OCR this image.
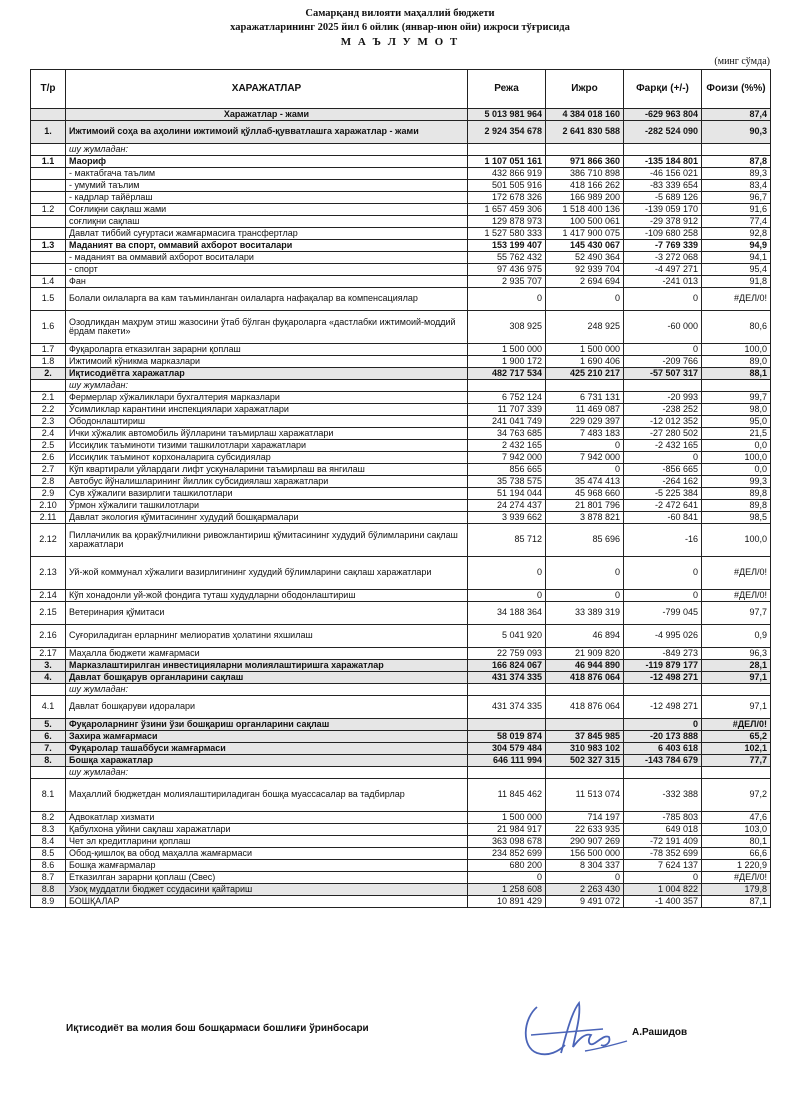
Самарқанд вилояти маҳаллий бюджети
харажатларининг 2025 йил 6 ойлик (январ-июн ойи) ижроси тўғрисида
М А Ъ Л У М О Т
(минг сўмда)
Т/р	ХАРАЖАТЛАР	Режа	Ижро	Фарқи (+/-)	Фоизи (%%)
	Харажатлар - жами	5 013 981 964	4 384 018 160	-629 963 804	87,4
1.	Ижтимоий соҳа ва аҳолини ижтимоий қўллаб-қувватлашга харажатлар - жами	2 924 354 678	2 641 830 588	-282 524 090	90,3
	шу жумладан:				
1.1	Маориф	1 107 051 161	971 866 360	-135 184 801	87,8
	- мактабгача таълим	432 866 919	386 710 898	-46 156 021	89,3
	- умумий таълим	501 505 916	418 166 262	-83 339 654	83,4
	- кадрлар тайёрлаш	172 678 326	166 989 200	-5 689 126	96,7
1.2	Соғлиқни сақлаш жами	1 657 459 306	1 518 400 136	-139 059 170	91,6
	соғлиқни сақлаш	129 878 973	100 500 061	-29 378 912	77,4
	Давлат тиббий суғуртаси жамғармасига трансфертлар	1 527 580 333	1 417 900 075	-109 680 258	92,8
1.3	Маданият ва спорт, оммавий ахборот воситалари	153 199 407	145 430 067	-7 769 339	94,9
	- маданият ва оммавий ахборот воситалари	55 762 432	52 490 364	-3 272 068	94,1
	- спорт	97 436 975	92 939 704	-4 497 271	95,4
1.4	Фан	2 935 707	2 694 694	-241 013	91,8
1.5	Болали оилаларга ва кам таъминланган оилаларга нафақалар ва компенсациялар	0	0	0	#ДЕЛ/0!
1.6	Озодликдан маҳрум этиш жазосини ўтаб бўлган фуқароларга «дастлабки ижтимоий-моддий ёрдам пакети»	308 925	248 925	-60 000	80,6
1.7	Фуқароларга етказилган зарарни қоплаш	1 500 000	1 500 000	0	100,0
1.8	Ижтимоий кўникма марказлари	1 900 172	1 690 406	-209 766	89,0
2.	Иқтисодиётга харажатлар	482 717 534	425 210 217	-57 507 317	88,1
	шу жумладан:				
2.1	Фермерлар хўжаликлари бухгалтерия марказлари	6 752 124	6 731 131	-20 993	99,7
2.2	Ўсимликлар карантини инспекциялари харажатлари	11 707 339	11 469 087	-238 252	98,0
2.3	Ободонлаштириш	241 041 749	229 029 397	-12 012 352	95,0
2.4	Ички хўжалик автомобиль йўлларини таъмирлаш харажатлари	34 763 685	7 483 183	-27 280 502	21,5
2.5	Иссиқлик таъминоти тизими ташкилотлари харажатлари	2 432 165	0	-2 432 165	0,0
2.6	Иссиқлик таъминот корхоналарига субсидиялар	7 942 000	7 942 000	0	100,0
2.7	Кўп квартирали уйлардаги лифт ускуналарини таъмирлаш ва янгилаш	856 665	0	-856 665	0,0
2.8	Автобус йўналишларининг йиллик субсидиялаш харажатлари	35 738 575	35 474 413	-264 162	99,3
2.9	Сув хўжалиги вазирлиги ташкилотлари	51 194 044	45 968 660	-5 225 384	89,8
2.10	Ўрмон хўжалиги ташкилотлари	24 274 437	21 801 796	-2 472 641	89,8
2.11	Давлат экология қўмитасининг худудий бошқармалари	3 939 662	3 878 821	-60 841	98,5
2.12	Пиллачилик ва қоракўлчиликни ривожлантириш қўмитасининг худудий бўлимларини сақлаш харажатлари	85 712	85 696	-16	100,0
2.13	Уй-жой коммунал хўжалиги вазирлигининг худудий бўлимларини сақлаш харажатлари	0	0	0	#ДЕЛ/0!
2.14	Кўп хонадонли уй-жой фондига туташ худудларни ободонлаштириш	0	0	0	#ДЕЛ/0!
2.15	Ветеринария қўмитаси	34 188 364	33 389 319	-799 045	97,7
2.16	Суғориладиган ерларнинг мелиоратив ҳолатини яхшилаш	5 041 920	46 894	-4 995 026	0,9
2.17	Маҳалла бюджети жамғармаси	22 759 093	21 909 820	-849 273	96,3
3.	Марказлаштирилган инвестицияларни молиялаштиришга харажатлар	166 824 067	46 944 890	-119 879 177	28,1
4.	Давлат бошқарув органларини сақлаш	431 374 335	418 876 064	-12 498 271	97,1
	шу жумладан:				
4.1	Давлат бошқаруви идоралари	431 374 335	418 876 064	-12 498 271	97,1
5.	Фуқароларнинг ўзини ўзи бошқариш органларини сақлаш			0	#ДЕЛ/0!
6.	Захира жамғармаси	58 019 874	37 845 985	-20 173 888	65,2
7.	Фуқаролар ташаббуси жамғармаси	304 579 484	310 983 102	6 403 618	102,1
8.	Бошқа харажатлар	646 111 994	502 327 315	-143 784 679	77,7
	шу жумладан:				
8.1	Маҳаллий бюджетдан молиялаштириладиган бошқа муассасалар ва тадбирлар	11 845 462	11 513 074	-332 388	97,2
8.2	Адвокатлар хизмати	1 500 000	714 197	-785 803	47,6
8.3	Қабулхона уйини сақлаш харажатлари	21 984 917	22 633 935	649 018	103,0
8.4	Чет эл кредитларини қоплаш	363 098 678	290 907 269	-72 191 409	80,1
8.5	Обод-қишлоқ ва обод маҳалла жамғармаси	234 852 699	156 500 000	-78 352 699	66,6
8.6	Бошқа жамғармалар	680 200	8 304 337	7 624 137	1 220,9
8.7	Етказилган зарарни қоплаш (Свес)	0	0	0	#ДЕЛ/0!
8.8	Узоқ муддатли бюджет ссудасини қайтариш	1 258 608	2 263 430	1 004 822	179,8
8.9	БОШҚАЛАР	10 891 429	9 491 072	-1 400 357	87,1
Иқтисодиёт ва молия бош бошқармаси бошлиғи ўринбосари	А.Рашидов
